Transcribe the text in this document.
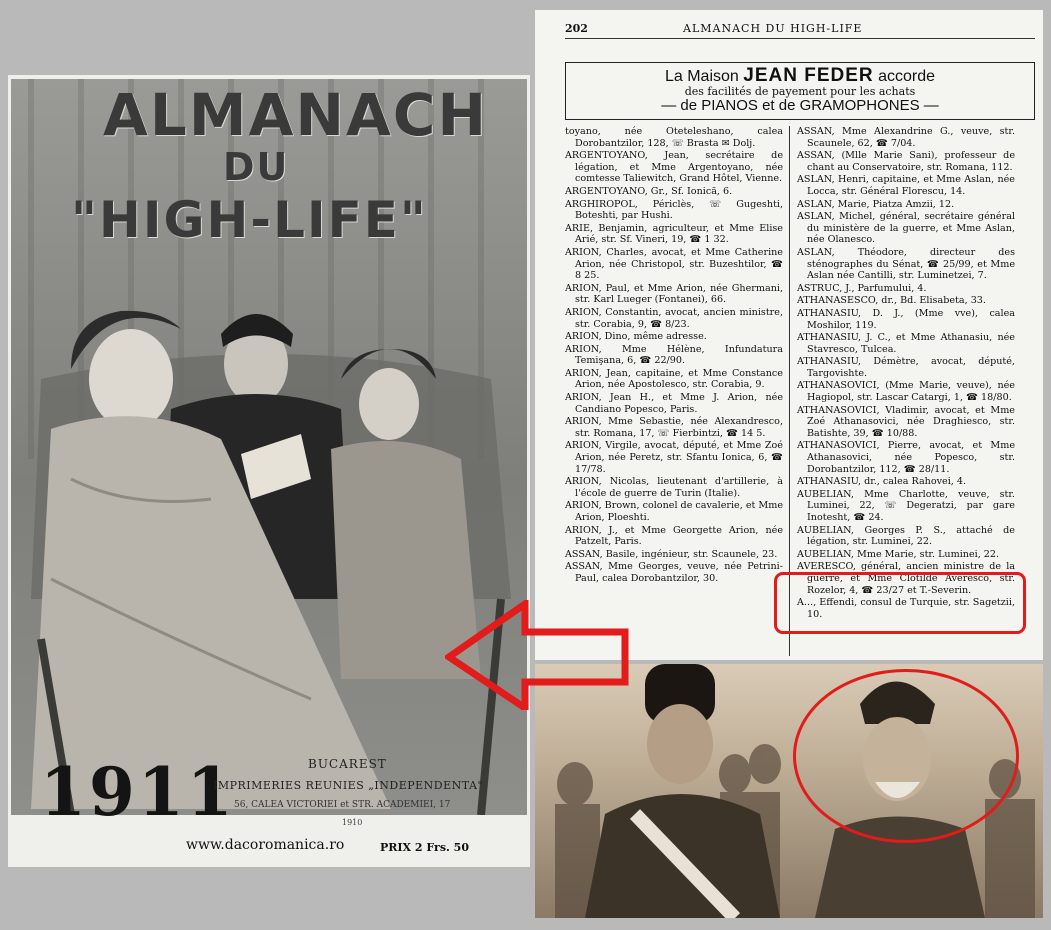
ALMANACH
DU
"HIGH-LIFE"
1911	BUCAREST
IMPRIMERIES REUNIES „INDEPENDENTA"
56, CALEA VICTORIEI et STR. ACADEMIEI, 17
1910
www.dacoromanica.ro	PRIX 2 Frs. 50
202	ALMANACH DU HIGH-LIFE
La Maison JEAN FEDER accorde
des facilités de payement pour les achats
— de PIANOS et de GRAMOPHONES —

toyano, née Oteteleshano, calea Dorobantzilor, 128, ☏ Brasta ✉ Dolj.

ARGENTOYANO, Jean, secrétaire de légation, et Mme Argentoyano, née comtesse Taliewitch, Grand Hôtel, Vienne.

ARGENTOYANO, Gr., Sf. Ionică, 6.

ARGHIROPOL, Périclès, ☏ Gugeshti, Boteshti, par Hushi.

ARIE, Benjamin, agriculteur, et Mme Elise Arié, str. Sf. Vineri, 19, ☎ 1 32.

ARION, Charles, avocat, et Mme Catherine Arion, née Christopol, str. Buzeshtilor, ☎ 8 25.

ARION, Paul, et Mme Arion, née Ghermani, str. Karl Lueger (Fontanei), 66.

ARION, Constantin, avocat, ancien ministre, str. Corabia, 9, ☎ 8/23.

ARION, Dino, même adresse.

ARION, Mme Hélène, Infundatura Temişana, 6, ☎ 22/90.

ARION, Jean, capitaine, et Mme Constance Arion, née Apostolesco, str. Corabia, 9.

ARION, Jean H., et Mme J. Arion, née Candiano Popesco, Paris.

ARION, Mme Sebastie, née Alexandresco, str. Romana, 17, ☏ Fierbintzi, ☎ 14 5.

ARION, Virgile, avocat, député, et Mme Zoé Arion, née Peretz, str. Sfantu Ionica, 6, ☎ 17/78.

ARION, Nicolas, lieutenant d'artillerie, à l'école de guerre de Turin (Italie).

ARION, Brown, colonel de cavalerie, et Mme Arion, Ploeshti.

ARION, J., et Mme Georgette Arion, née Patzelt, Paris.

ASSAN, Basile, ingénieur, str. Scaunele, 23.

ASSAN, Mme Georges, veuve, née Petrini-Paul, calea Dorobantzilor, 30.

ASSAN, Mme Alexandrine G., veuve, str. Scaunele, 62, ☎ 7/04.

ASSAN, (Mlle Marie Sani), professeur de chant au Conservatoire, str. Romana, 112.

ASLAN, Henri, capitaine, et Mme Aslan, née Locca, str. Général Florescu, 14.

ASLAN, Marie, Piatza Amzii, 12.

ASLAN, Michel, général, secrétaire général du ministère de la guerre, et Mme Aslan, née Olanesco.

ASLAN, Théodore, directeur des sténographes du Sénat, ☎ 25/99, et Mme Aslan née Cantilli, str. Luminetzei, 7.

ASTRUC, J., Parfumului, 4.

ATHANASESCO, dr., Bd. Elisabeta, 33.

ATHANASIU, D. J., (Mme vve), calea Moshilor, 119.

ATHANASIU, J. C., et Mme Athanasiu, née Stavresco, Tulcea.

ATHANASIU, Démètre, avocat, député, Targovishte.

ATHANASOVICI, (Mme Marie, veuve), née Hagiopol, str. Lascar Catargi, 1, ☎ 18/80.

ATHANASOVICI, Vladimir, avocat, et Mme Zoé Athanasovici, née Draghiesco, str. Batishte, 39, ☎ 10/88.

ATHANASOVICI, Pierre, avocat, et Mme Athanasovici, née Popesco, str. Dorobantzilor, 112, ☎ 28/11.

ATHANASIU, dr., calea Rahovei, 4.

AUBELIAN, Mme Charlotte, veuve, str. Luminei, 22, ☏ Degeratzi, par gare Inotesht, ☎ 24.

AUBELIAN, Georges P. S., attaché de légation, str. Luminei, 22.

AUBELIAN, Mme Marie, str. Luminei, 22.

AVERESCO, général, ancien ministre de la guerre, et Mme Clotilde Averesco, str. Rozelor, 4, ☎ 23/27 et T.-Severin.

A..., Effendi, consul de Turquie, str. Sagetzii, 10.
